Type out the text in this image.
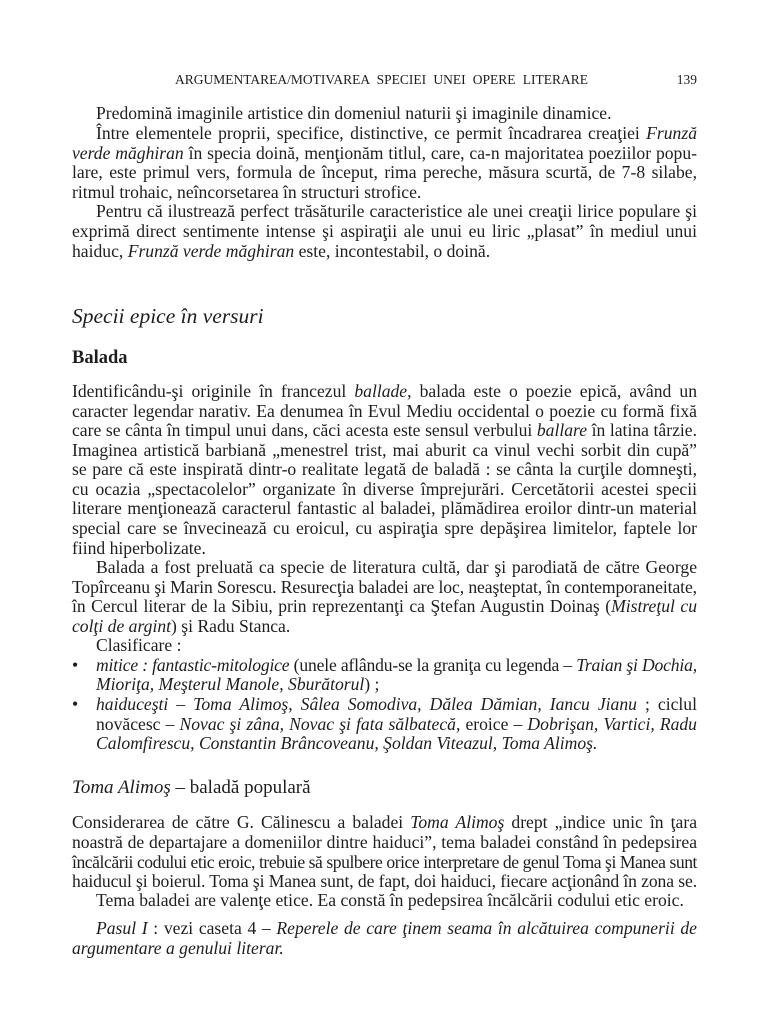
ARGUMENTAREA/MOTIVAREA SPECIEI UNEI OPERE LITERARE	139
Predomină imaginile artistice din domeniul naturii şi imaginile dinamice.
Între elementele proprii, specifice, distinctive, ce permit încadrarea creaţiei Frunză
verde măghiran în specia doină, menţionăm titlul, care, ca-n majoritatea poeziilor popu-
lare, este primul vers, formula de început, rima pereche, măsura scurtă, de 7-8 silabe,
ritmul trohaic, neîncorsetarea în structuri strofice.
Pentru că ilustrează perfect trăsăturile caracteristice ale unei creaţii lirice populare şi
exprimă direct sentimente intense şi aspiraţii ale unui eu liric „plasat” în mediul unui
haiduc, Frunză verde măghiran este, incontestabil, o doină.
Specii epice în versuri
Balada
Identificându-şi originile în francezul ballade, balada este o poezie epică, având un
caracter legendar narativ. Ea denumea în Evul Mediu occidental o poezie cu formă fixă
care se cânta în timpul unui dans, căci acesta este sensul verbului ballare în latina târzie.
Imaginea artistică barbiană „menestrel trist, mai aburit ca vinul vechi sorbit din cupă”
se pare că este inspirată dintr-o realitate legată de baladă : se cânta la curţile domneşti,
cu ocazia „spectacolelor” organizate în diverse împrejurări. Cercetătorii acestei specii
literare menţionează caracterul fantastic al baladei, plămădirea eroilor dintr-un material
special care se învecinează cu eroicul, cu aspiraţia spre depăşirea limitelor, faptele lor
fiind hiperbolizate.
Balada a fost preluată ca specie de literatura cultă, dar şi parodiată de către George
Topîrceanu şi Marin Sorescu. Resurecţia baladei are loc, neaşteptat, în contemporaneitate,
în Cercul literar de la Sibiu, prin reprezentanţi ca Ştefan Augustin Doinaş (Mistreţul cu
colţi de argint) şi Radu Stanca.
Clasificare :
•	mitice : fantastic-mitologice (unele aflându-se la graniţa cu legenda – Traian şi Dochia,
Mioriţa, Meşterul Manole, Sburătorul) ;
•	haiduceşti – Toma Alimoş, Sâlea Somodiva, Dălea Dămian, Iancu Jianu ; ciclul
novăcesc – Novac şi zâna, Novac şi fata sălbatecă, eroice – Dobrişan, Vartici, Radu
Calomfirescu, Constantin Brâncoveanu, Şoldan Viteazul, Toma Alimoş.
Toma Alimoş – baladă populară
Considerarea de către G. Călinescu a baladei Toma Alimoş drept „indice unic în ţara
noastră de departajare a domeniilor dintre haiduci”, tema baladei constând în pedepsirea
încălcării codului etic eroic, trebuie să spulbere orice interpretare de genul Toma şi Manea sunt
haiducul şi boierul. Toma şi Manea sunt, de fapt, doi haiduci, fiecare acţionând în zona se.
Tema baladei are valenţe etice. Ea constă în pedepsirea încălcării codului etic eroic.
Pasul I : vezi caseta 4 – Reperele de care ţinem seama în alcătuirea compunerii de
argumentare a genului literar.
